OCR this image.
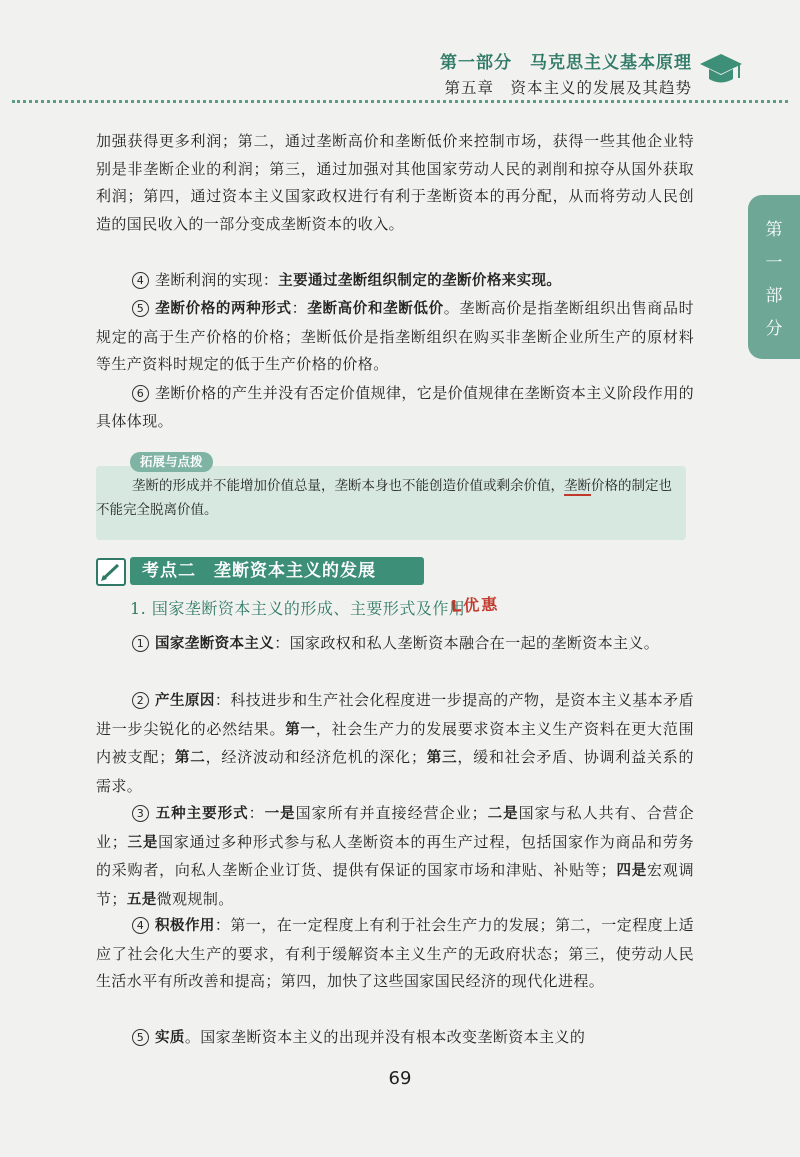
第一部分　马克思主义基本原理
第五章　资本主义的发展及其趋势
第
一
部
分
加强获得更多利润；第二，通过垄断高价和垄断低价来控制市场，获得一些其他企业特别是非垄断企业的利润；第三，通过加强对其他国家劳动人民的剥削和掠夺从国外获取利润；第四，通过资本主义国家政权进行有利于垄断资本的再分配，从而将劳动人民创造的国民收入的一部分变成垄断资本的收入。
4 垄断利润的实现：主要通过垄断组织制定的垄断价格来实现。
5 垄断价格的两种形式：垄断高价和垄断低价。垄断高价是指垄断组织出售商品时规定的高于生产价格的价格；垄断低价是指垄断组织在购买非垄断企业所生产的原材料等生产资料时规定的低于生产价格的价格。
6 垄断价格的产生并没有否定价值规律，它是价值规律在垄断资本主义阶段作用的具体体现。
拓展与点拨
垄断的形成并不能增加价值总量，垄断本身也不能创造价值或剩余价值，垄断价格的制定也不能完全脱离价值。
考点二　垄断资本主义的发展
1. 国家垄断资本主义的形成、主要形式及作用
L优惠
1 国家垄断资本主义：国家政权和私人垄断资本融合在一起的垄断资本主义。
2 产生原因：科技进步和生产社会化程度进一步提高的产物，是资本主义基本矛盾进一步尖锐化的必然结果。第一，社会生产力的发展要求资本主义生产资料在更大范围内被支配；第二，经济波动和经济危机的深化；第三，缓和社会矛盾、协调利益关系的需求。
3 五种主要形式：一是国家所有并直接经营企业；二是国家与私人共有、合营企业；三是国家通过多种形式参与私人垄断资本的再生产过程，包括国家作为商品和劳务的采购者，向私人垄断企业订货、提供有保证的国家市场和津贴、补贴等；四是宏观调节；五是微观规制。
4 积极作用：第一，在一定程度上有利于社会生产力的发展；第二，一定程度上适应了社会化大生产的要求，有利于缓解资本主义生产的无政府状态；第三，使劳动人民生活水平有所改善和提高；第四，加快了这些国家国民经济的现代化进程。
5 实质。国家垄断资本主义的出现并没有根本改变垄断资本主义的
69
